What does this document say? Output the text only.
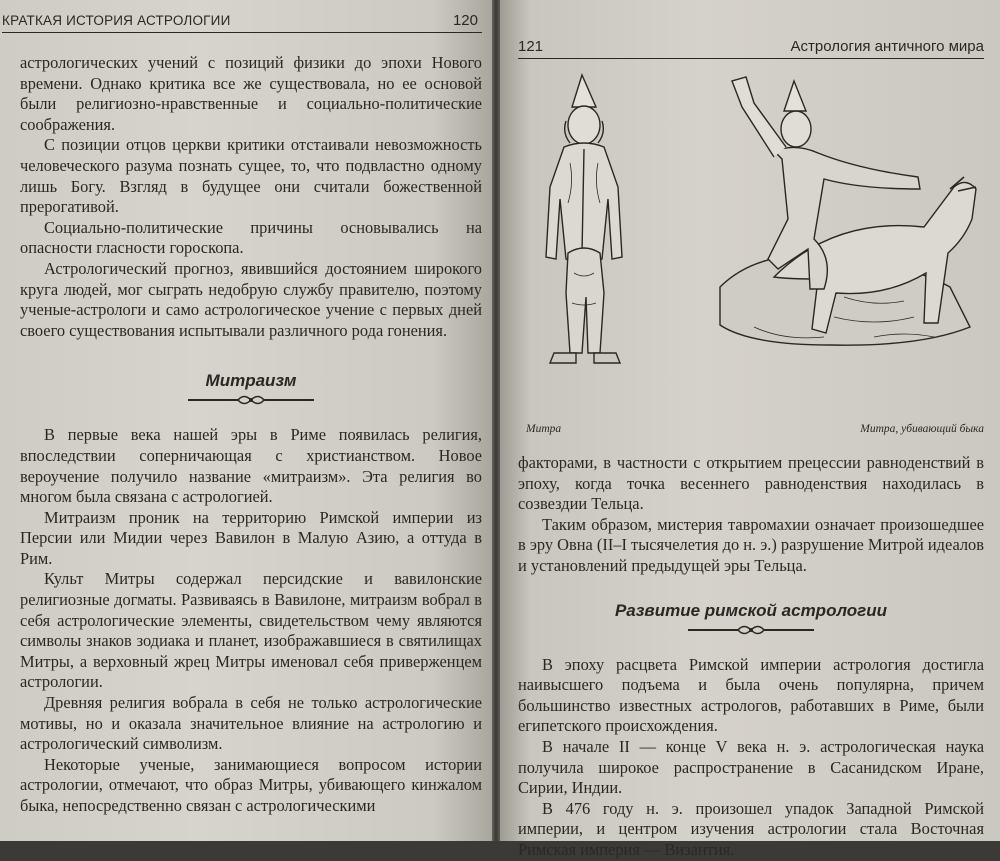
КРАТКАЯ ИСТОРИЯ АСТРОЛОГИИ	120

астрологических учений с позиций физики до эпохи Нового времени. Однако критика все же существовала, но ее основой были религиозно-нравственные и социально-политические соображения.

С позиции отцов церкви критики отстаивали невозможность человеческого разума познать сущее, то, что подвластно одному лишь Богу. Взгляд в будущее они считали божественной прерогативой.

Социально-политические причины основывались на опасности гласности гороскопа.

Астрологический прогноз, явившийся достоянием широкого круга людей, мог сыграть недобрую службу правителю, поэтому ученые-астрологи и само астрологическое учение с первых дней своего существования испытывали различного рода гонения.

Митраизм

В первые века нашей эры в Риме появилась религия, впоследствии соперничающая с христианством. Новое вероучение получило название «митраизм». Эта религия во многом была связана с астрологией.

Митраизм проник на территорию Римской империи из Персии или Мидии через Вавилон в Малую Азию, а оттуда в Рим.

Культ Митры содержал персидские и вавилонские религиозные догматы. Развиваясь в Вавилоне, митраизм вобрал в себя астрологические элементы, свидетельством чему являются символы знаков зодиака и планет, изображавшиеся в святилищах Митры, а верховный жрец Митры именовал себя приверженцем астрологии.

Древняя религия вобрала в себя не только астрологические мотивы, но и оказала значительное влияние на астрологию и астрологический символизм.

Некоторые ученые, занимающиеся вопросом истории астрологии, отмечают, что образ Митры, убивающего кинжалом быка, непосредственно связан с астрологическими

121	Астрология античного мира
Митра	Митра, убивающий быка

факторами, в частности с открытием прецессии равноденствий в эпоху, когда точка весеннего равноденствия находилась в созвездии Тельца.

Таким образом, мистерия тавромахии означает произошедшее в эру Овна (II–I тысячелетия до н. э.) разрушение Митрой идеалов и установлений предыдущей эры Тельца.

Развитие римской астрологии

В эпоху расцвета Римской империи астрология достигла наивысшего подъема и была очень популярна, причем большинство известных астрологов, работавших в Риме, были египетского происхождения.

В начале II — конце V века н. э. астрологическая наука получила широкое распространение в Сасанидском Иране, Сирии, Индии.

В 476 году н. э. произошел упадок Западной Римской империи, и центром изучения астрологии стала Восточная Римская империя — Византия.
